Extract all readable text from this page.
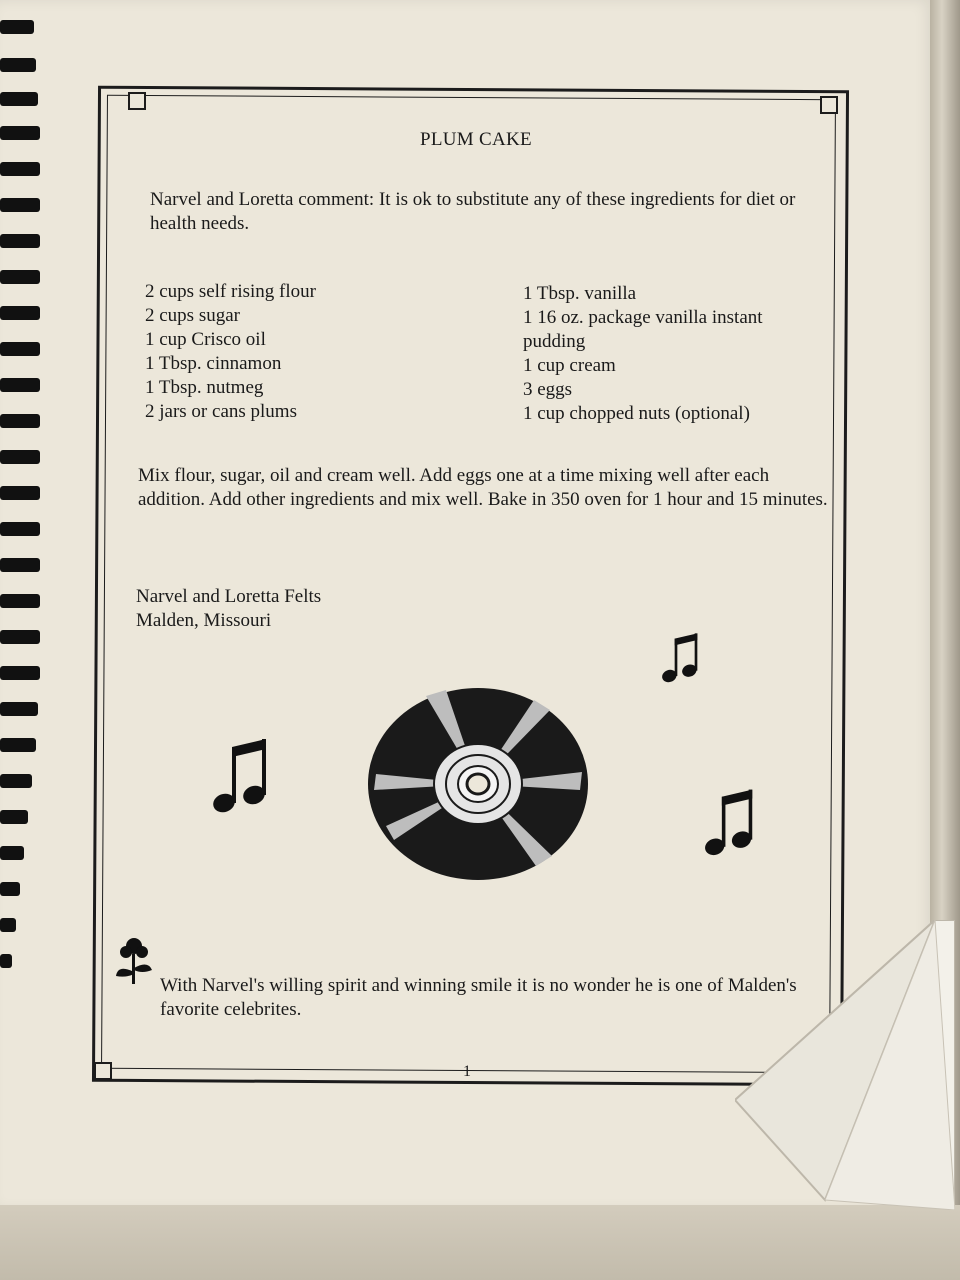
PLUM CAKE
Narvel and Loretta comment: It is ok to substitute any of these ingredients for diet or health needs.
2 cups self rising flour
2 cups sugar
1 cup Crisco oil
1 Tbsp. cinnamon
1 Tbsp. nutmeg
2 jars or cans plums
1 Tbsp. vanilla
1 16 oz. package vanilla instant
pudding
1 cup cream
3 eggs
1 cup chopped nuts (optional)
Mix flour, sugar, oil and cream well. Add eggs one at a time mixing well after each addition. Add other ingredients and mix well. Bake in 350 oven for 1 hour and 15 minutes.
Narvel and Loretta Felts
Malden, Missouri
With Narvel's willing spirit and winning smile it is no wonder he is one of Malden's favorite celebrites.
1
